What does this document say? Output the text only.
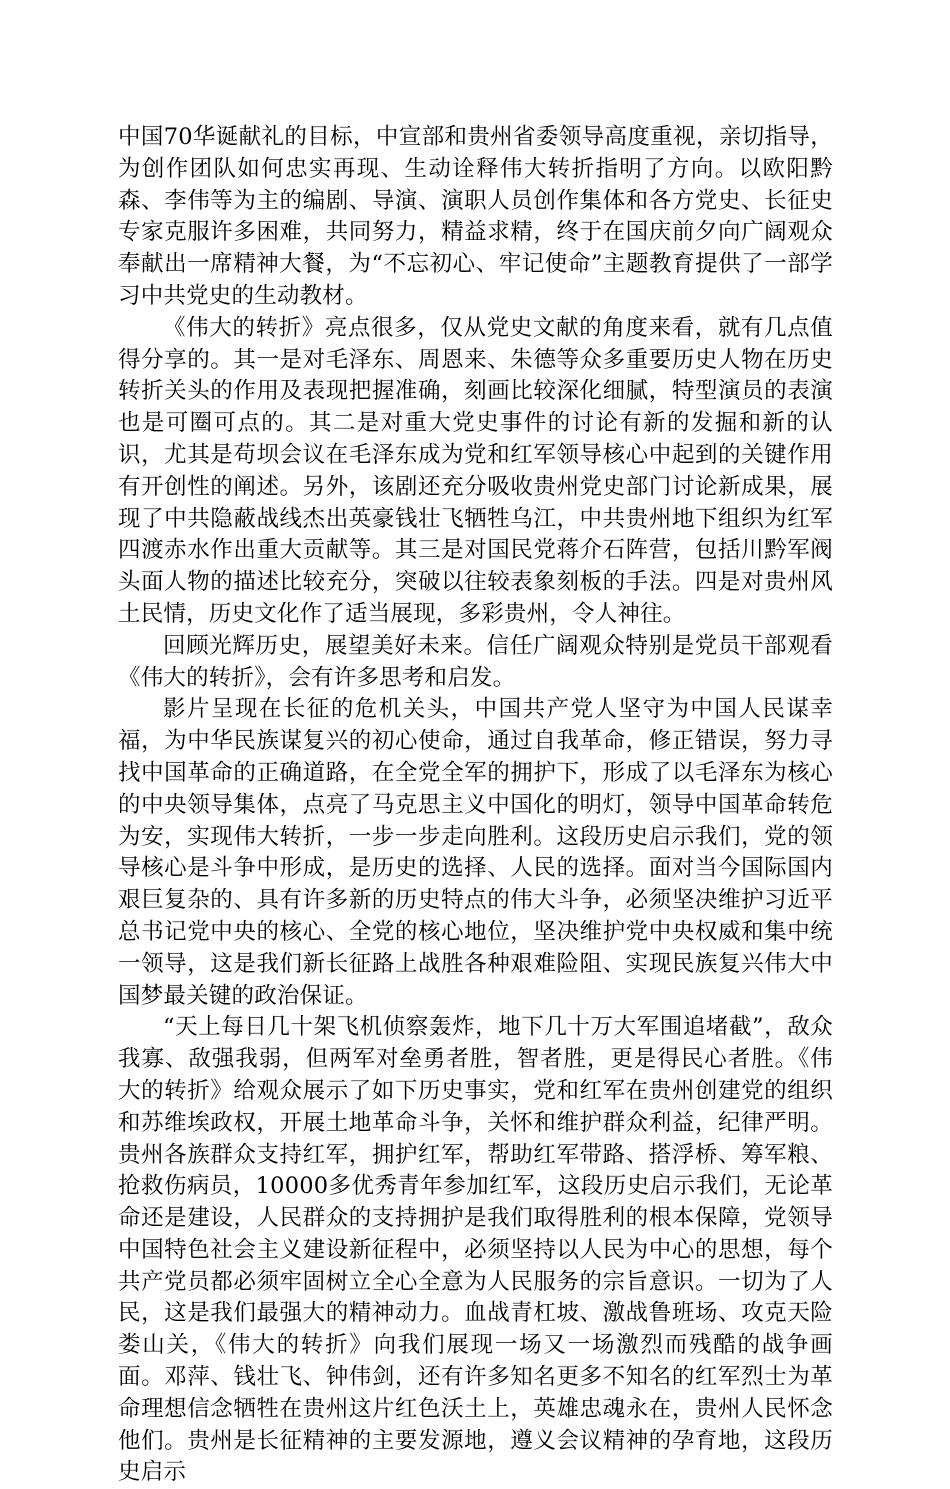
中国70华诞献礼的目标，中宣部和贵州省委领导高度重视，亲切指导，为创作团队如何忠实再现、生动诠释伟大转折指明了方向。以欧阳黔森、李伟等为主的编剧、导演、演职人员创作集体和各方党史、长征史专家克服许多困难，共同努力，精益求精，终于在国庆前夕向广阔观众奉献出一席精神大餐，为“不忘初心、牢记使命”主题教育提供了一部学习中共党史的生动教材。

《伟大的转折》亮点很多，仅从党史文献的角度来看，就有几点值得分享的。其一是对毛泽东、周恩来、朱德等众多重要历史人物在历史转折关头的作用及表现把握准确，刻画比较深化细腻，特型演员的表演也是可圈可点的。其二是对重大党史事件的讨论有新的发掘和新的认识，尤其是苟坝会议在毛泽东成为党和红军领导核心中起到的关键作用有开创性的阐述。另外，该剧还充分吸收贵州党史部门讨论新成果，展现了中共隐蔽战线杰出英豪钱壮飞牺牲乌江，中共贵州地下组织为红军四渡赤水作出重大贡献等。其三是对国民党蒋介石阵营，包括川黔军阀头面人物的描述比较充分，突破以往较表象刻板的手法。四是对贵州风土民情，历史文化作了适当展现，多彩贵州，令人神往。

回顾光辉历史，展望美好未来。信任广阔观众特别是党员干部观看《伟大的转折》，会有许多思考和启发。

影片呈现在长征的危机关头，中国共产党人坚守为中国人民谋幸福，为中华民族谋复兴的初心使命，通过自我革命，修正错误，努力寻找中国革命的正确道路，在全党全军的拥护下，形成了以毛泽东为核心的中央领导集体，点亮了马克思主义中国化的明灯，领导中国革命转危为安，实现伟大转折，一步一步走向胜利。这段历史启示我们，党的领导核心是斗争中形成，是历史的选择、人民的选择。面对当今国际国内艰巨复杂的、具有许多新的历史特点的伟大斗争，必须坚决维护习近平总书记党中央的核心、全党的核心地位，坚决维护党中央权威和集中统一领导，这是我们新长征路上战胜各种艰难险阻、实现民族复兴伟大中国梦最关键的政治保证。

“天上每日几十架飞机侦察轰炸，地下几十万大军围追堵截”，敌众我寡、敌强我弱，但两军对垒勇者胜，智者胜，更是得民心者胜。《伟大的转折》给观众展示了如下历史事实，党和红军在贵州创建党的组织和苏维埃政权，开展土地革命斗争，关怀和维护群众利益，纪律严明。贵州各族群众支持红军，拥护红军，帮助红军带路、搭浮桥、筹军粮、抢救伤病员，10000多优秀青年参加红军，这段历史启示我们，无论革命还是建设，人民群众的支持拥护是我们取得胜利的根本保障，党领导中国特色社会主义建设新征程中，必须坚持以人民为中心的思想，每个共产党员都必须牢固树立全心全意为人民服务的宗旨意识。一切为了人民，这是我们最强大的精神动力。血战青杠坡、激战鲁班场、攻克天险娄山关，《伟大的转折》向我们展现一场又一场激烈而残酷的战争画面。邓萍、钱壮飞、钟伟剑，还有许多知名更多不知名的红军烈士为革命理想信念牺牲在贵州这片红色沃土上，英雄忠魂永在，贵州人民怀念他们。贵州是长征精神的主要发源地，遵义会议精神的孕育地，这段历史启示
